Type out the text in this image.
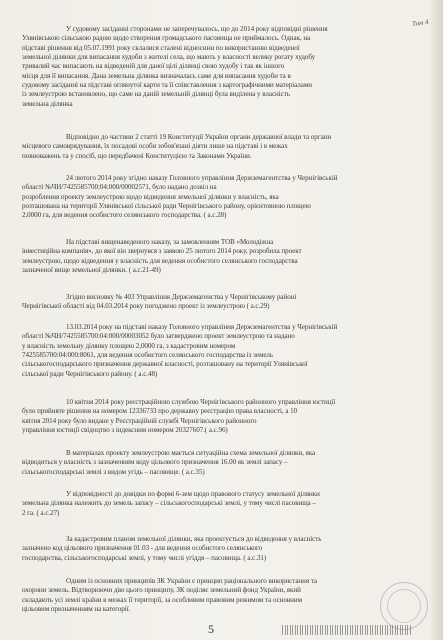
Том 4
У судовому засіданні сторонами не заперечувалось, що до 2014 року відповідні рішення
Улянівською сільською радою щодо створення громадського пасовища не приймалось. Однак, на
підставі рішення від 05.07.1991 року склалися сталені відносини по використанню відведеної
земельної ділянки для випасання худоби з жителі села, що мають у власності велику рогату худобу
тривалий час випасають на відведеній для даної цілі ділянці свою худобу і так як іншого
місця для її випасання. Дана земельна ділянка визначалась саме для випасання худоби та в
судовому засіданні на підставі оглянутої карти та її співставлення з картографічними матеріалами
із землеустрою встановлено, що саме на даній земельній ділянці була виділена у власність
земельна ділянка
Відповідно до частини 2 статті 19 Конституції України органи державної влади та органи
місцевого самоврядування, їх посадові особи зобов'язані діяти лише на підставі і в межах
повноважень та у спосіб, що передбачені Конституцією та Законами України.
24 лютого 2014 року згідно наказу Головного управління Держземагентства у Чернігівській
області №ЧН/7425585700:04:000/00002571, було надано дозвіл на
розроблення проекту землеустрою щодо відведення земельної ділянки у власність, яка
розташована на території Улянівської сільської ради Чернігівського району, орієнтовною площею
2,0000 га, для ведення особистого селянського господарства. ( а.с.28)
На підставі вищенаведеного наказу, за замовленням ТОВ «Молодіжна
інвестиційна компанія», до якої він звернувся з заявою 25 лютого 2014 року, розробила проект
землеустрою, щодо відведення у власність для ведення особистого селянського господарства
зазначеної вище земельної ділянки. ( а.с.21-49)
Згідно висновку № 403 Управління Держземагенства у Чернігівському районі
Чернігівської області від 04.03.2014 року погоджено проект із землеустрою ( а.с.29)
13.03.2014 року на підставі наказу Головного управління Держземагентства у Чернігівській
області №ЧН/7425585700:04:000/00003052 було затверджено проект землеустрою та надано
у власність земельну ділянку площею 2,0000 га, з кадастровим номером
7425585700:04:000:8061, для ведення особистого селянського господарства із земель
сільськогосподарського призначення державної власності, розташовану на території Улянівської
сільської ради Чернігівського району. ( а.с.48)
10 квітня 2014 року реєстраційною службою Чернігівського районного управління юстиції
було прийняте рішення на номером 12336733 про державну реєстрацію права власності, а 10
квітня 2014 року було видане у Реєстраційній службі Чернігівського районного
управління юстиції свідоцтво з індексним номером 20327607.( а.с.96)
В матеріалах проекту землеустрою мається ситуаційна схема земельної ділянки, яка
відводиться у власність з зазначенням коду цільового призначення 16.00 як землі запасу –
сільськогосподарські землі з видом угідь – пасовище. ( а.с.35)
У відповідності до довідки по формі 6-зем щодо правового статусу земельної ділянки
земельна ділянка належить до земель запасу – сільськогосподарські землі, у тому числі пасовища –
2 га. ( а.с.27)
За кадастровим планом земельної ділянки, яка проектується до відведення у власність
зазначено код цільового призначення 01.03 - для ведення особистого селянського
господарства, сільськогосподарські землі, у тому числі угіддя – пасовища. ( а.с.31)
Одним із основних принципів ЗК України є принцип раціонального використання та
охорони земель. Відтворюючи дію цього принципу, ЗК поділяє земельний фонд України, який
складають усі землі країни в межах її території, за особливим правовим режимом та основним
цільовим призначенням на категорії.
5
